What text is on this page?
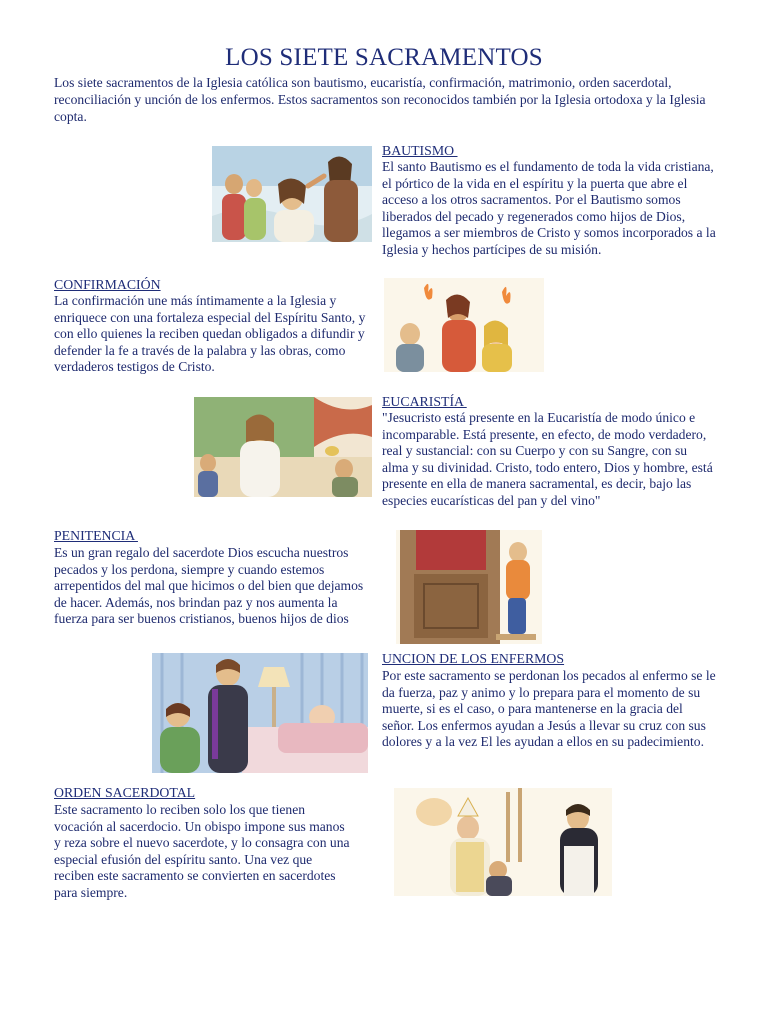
LOS SIETE SACRAMENTOS
Los siete sacramentos de la Iglesia católica son bautismo, eucaristía, confirmación, matrimonio, orden sacerdotal, reconciliación y unción de los enfermos. Estos sacramentos son reconocidos también por la Iglesia ortodoxa y la Iglesia copta.
BAUTISMO
El santo Bautismo es el fundamento de toda la vida cristiana, el pórtico de la vida en el espíritu y la puerta que abre el acceso a los otros sacramentos. Por el Bautismo somos liberados del pecado y regenerados como hijos de Dios, llegamos a ser miembros de Cristo y somos incorporados a la Iglesia y hechos partícipes de su misión.
CONFIRMACIÓN
La confirmación une más íntimamente a la Iglesia y enriquece con una fortaleza especial del Espíritu Santo, y con ello quienes la reciben quedan obligados a difundir y defender la fe a través de la palabra y las obras, como verdaderos testigos de Cristo.
EUCARISTÍA
"Jesucristo está presente en la Eucaristía de modo único e incomparable. Está presente, en efecto, de modo verdadero, real y sustancial: con su Cuerpo y con su Sangre, con su alma y su divinidad. Cristo, todo entero, Dios y hombre, está presente en ella de manera sacramental, es decir, bajo las especies eucarísticas del pan y del vino"
PENITENCIA
Es un gran regalo del sacerdote Dios escucha nuestros pecados y los perdona, siempre y cuando estemos arrepentidos del mal que hicimos o del bien que dejamos de hacer. Además, nos brindan paz y nos aumenta la fuerza para ser buenos cristianos, buenos hijos de dios
UNCION DE LOS ENFERMOS
Por este sacramento se perdonan los pecados al enfermo se le da fuerza, paz y animo y lo prepara para el momento de su muerte, si es el caso, o para mantenerse en la gracia del señor. Los enfermos ayudan a Jesús a llevar su cruz con sus dolores y a la vez El les ayudan a ellos en su padecimiento.
ORDEN SACERDOTAL
Este sacramento lo reciben solo los que tienen vocación al sacerdocio. Un obispo impone sus manos y reza sobre el nuevo sacerdote, y lo consagra con una especial efusión del espíritu santo. Una vez que reciben este sacramento se convierten en sacerdotes para siempre.
